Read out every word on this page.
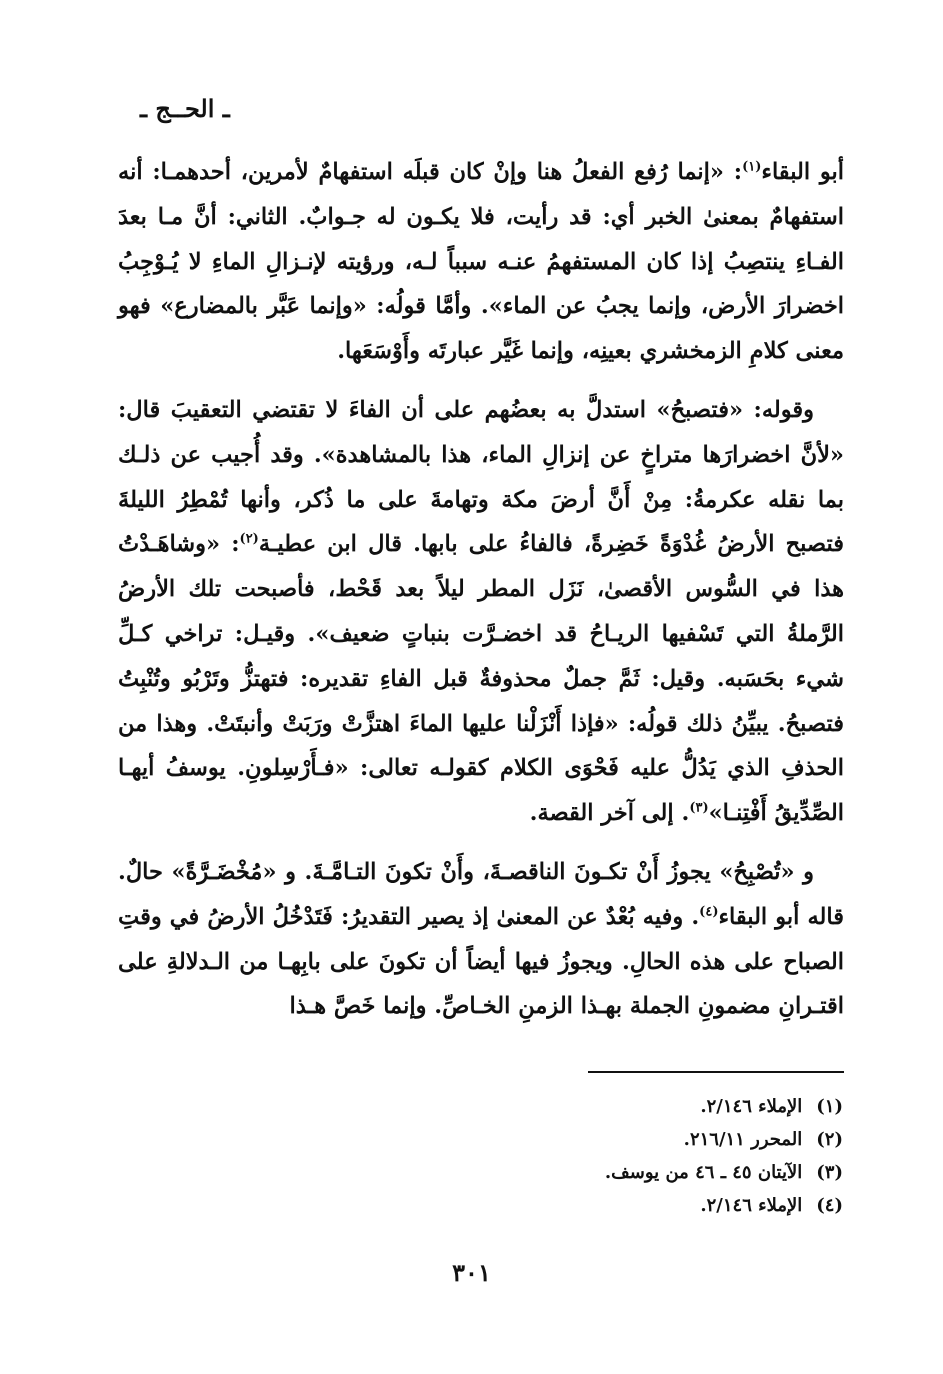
ـ الحــج ـ

أبو البقاء$^{(١)}$: «إنما رُفع الفعلُ هنا وإنْ كان قبلَه استفهامٌ لأمرين، أحدهمـا: أنه استفهامٌ بمعنىٰ الخبر أي: قد رأيت، فلا يكـون له جـوابٌ. الثاني: أنَّ مـا بعدَ الفـاءِ ينتصِبُ إذا كان المستفهمُ عنـه سبباً لـه، ورؤيته لإنـزالِ الماءِ لا يُـوْجِبُ اخضرارَ الأرض، وإنما يجبُ عن الماء». وأمَّا قولُه: «وإنما عَبَّر بالمضارع» فهو معنى كلامِ الزمخشري بعينِه، وإنما غَيَّر عبارتَه وأَوْسَعَها.

وقوله: «فتصبحُ» استدلَّ به بعضُهم على أن الفاءَ لا تقتضي التعقيبَ قال: «لأنَّ اخضرارَها متراخٍ عن إنزالِ الماء، هذا بالمشاهدة». وقد أُجيب عن ذلـك بما نقله عكرمةُ: مِنْ أَنَّ أرضَ مكة وتهامةَ على ما ذُكر، وأنها تُمْطِرُ الليلةَ فتصبح الأرضُ غُدْوَةً خَضِرةً، فالفاءُ على بابها. قال ابن عطيـة$^{(٢)}$: «وشاهَـدْتُ هذا في السُّوس الأقصىٰ، نَزَل المطر ليلاً بعد قَحْط، فأصبحت تلك الأرضُ الرَّملةُ التي تَسْفيها الريـاحُ قد اخضـرَّت بنباتٍ ضعيف». وقيـل: تراخي كـلِّ شيء بحَسَبه. وقيل: ثَمَّ جملٌ محذوفةٌ قبل الفاءِ تقديره: فتهتزُّ وتَرْبُو وتُنْبِتُ فتصبحُ. يبيِّنُ ذلك قولُه: «فإذا أَنْزَلْنا عليها الماءَ اهتزَّتْ ورَبَتْ وأنبتَتْ. وهذا من الحذفِ الذي يَدُلُّ عليه فَحْوَى الكلام كقولـه تعالى: «فـأَرْسِلونِ. يوسفُ أيهـا الصِّدِّيقُ أَفْتِنـا»$^{(٣)}$. إلى آخر القصة.

و «تُصْبِحُ» يجوزُ أَنْ تكـونَ الناقصـةَ، وأَنْ تكونَ التـامَّـةَ. و «مُخْضَـرَّةً» حالٌ. قاله أبو البقاء$^{(٤)}$. وفيه بُعْدٌ عن المعنىٰ إذ يصير التقديرُ: فَتَدْخُلُ الأرضُ في وقتِ الصباح على هذه الحالِ. ويجوزُ فيها أيضاً أن تكونَ على بابِهـا من الـدلالةِ على اقتـرانِ مضمونِ الجملة بهـذا الزمنِ الخـاصِّ. وإنما خَصَّ هـذا

(١)الإملاء ٢/١٤٦.
(٢)المحرر ٢١٦/١١.
(٣)الآيتان ٤٥ ـ ٤٦ من يوسف.
(٤)الإملاء ٢/١٤٦.
٣٠١
